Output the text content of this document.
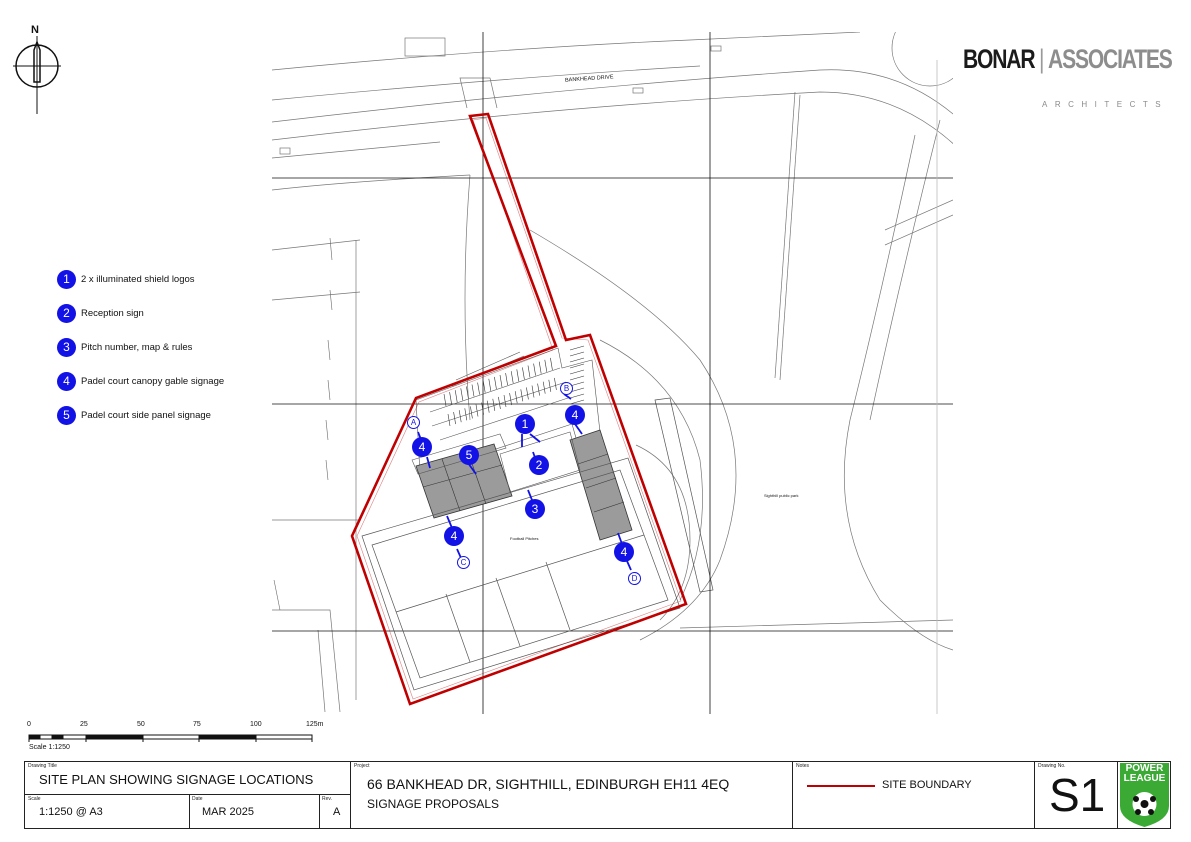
N
1	2 x illuminated shield logos
2	Reception sign
3	Pitch number, map & rules
4	Padel court canopy gable signage
5	Padel court side panel signage
BONAR | ASSOCIATES
ARCHITECTS
BANKHEAD DRIVE
Football Pitches
Sighthill public park
1
2
3
4
4
4
4
5
A
B
C
D
0	25	50	75	100	125m
Scale 1:1250
Drawing Title
SITE PLAN SHOWING SIGNAGE LOCATIONS
Scale
1:1250 @ A3
Date
MAR 2025
Rev.
A
Project
66 BANKHEAD DR, SIGHTHILL, EDINBURGH EH11 4EQ
SIGNAGE PROPOSALS
Notes
SITE BOUNDARY
Drawing No.
S1
POWER
LEAGUE
